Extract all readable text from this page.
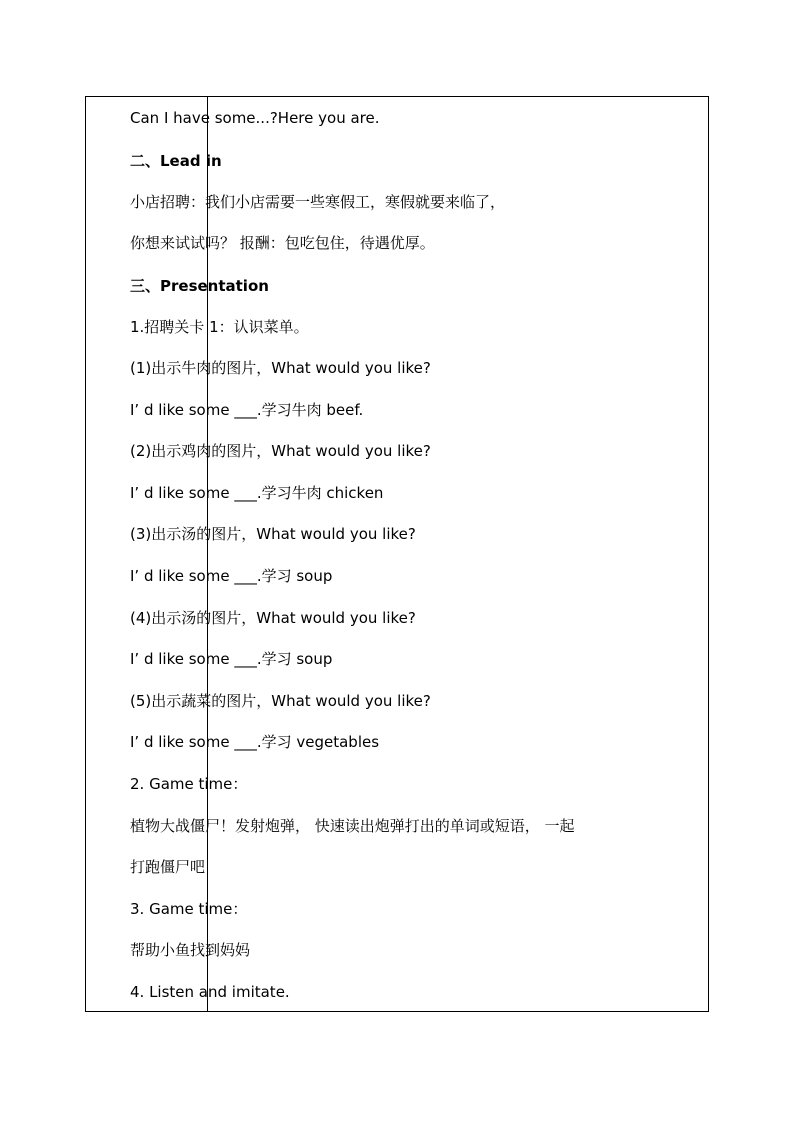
Can I have some...?Here you are.
二、Lead in
小店招聘：我们小店需要一些寒假工，寒假就要来临了，
你想来试试吗？ 报酬：包吃包住，待遇优厚。
三、Presentation
1.招聘关卡 1：认识菜单。
(1)出示牛肉的图片，What would you like?
I’ d like some ___.学习牛肉 beef.
(2)出示鸡肉的图片，What would you like?
I’ d like some ___.学习牛肉 chicken
(3)出示汤的图片，What would you like?
I’ d like some ___.学习 soup
(4)出示汤的图片，What would you like?
I’ d like some ___.学习 soup
(5)出示蔬菜的图片，What would you like?
I’ d like some ___.学习 vegetables
2. Game time：
植物大战僵尸！发射炮弹， 快速读出炮弹打出的单词或短语， 一起
打跑僵尸吧
3. Game time：
帮助小鱼找到妈妈
4. Listen and imitate.
